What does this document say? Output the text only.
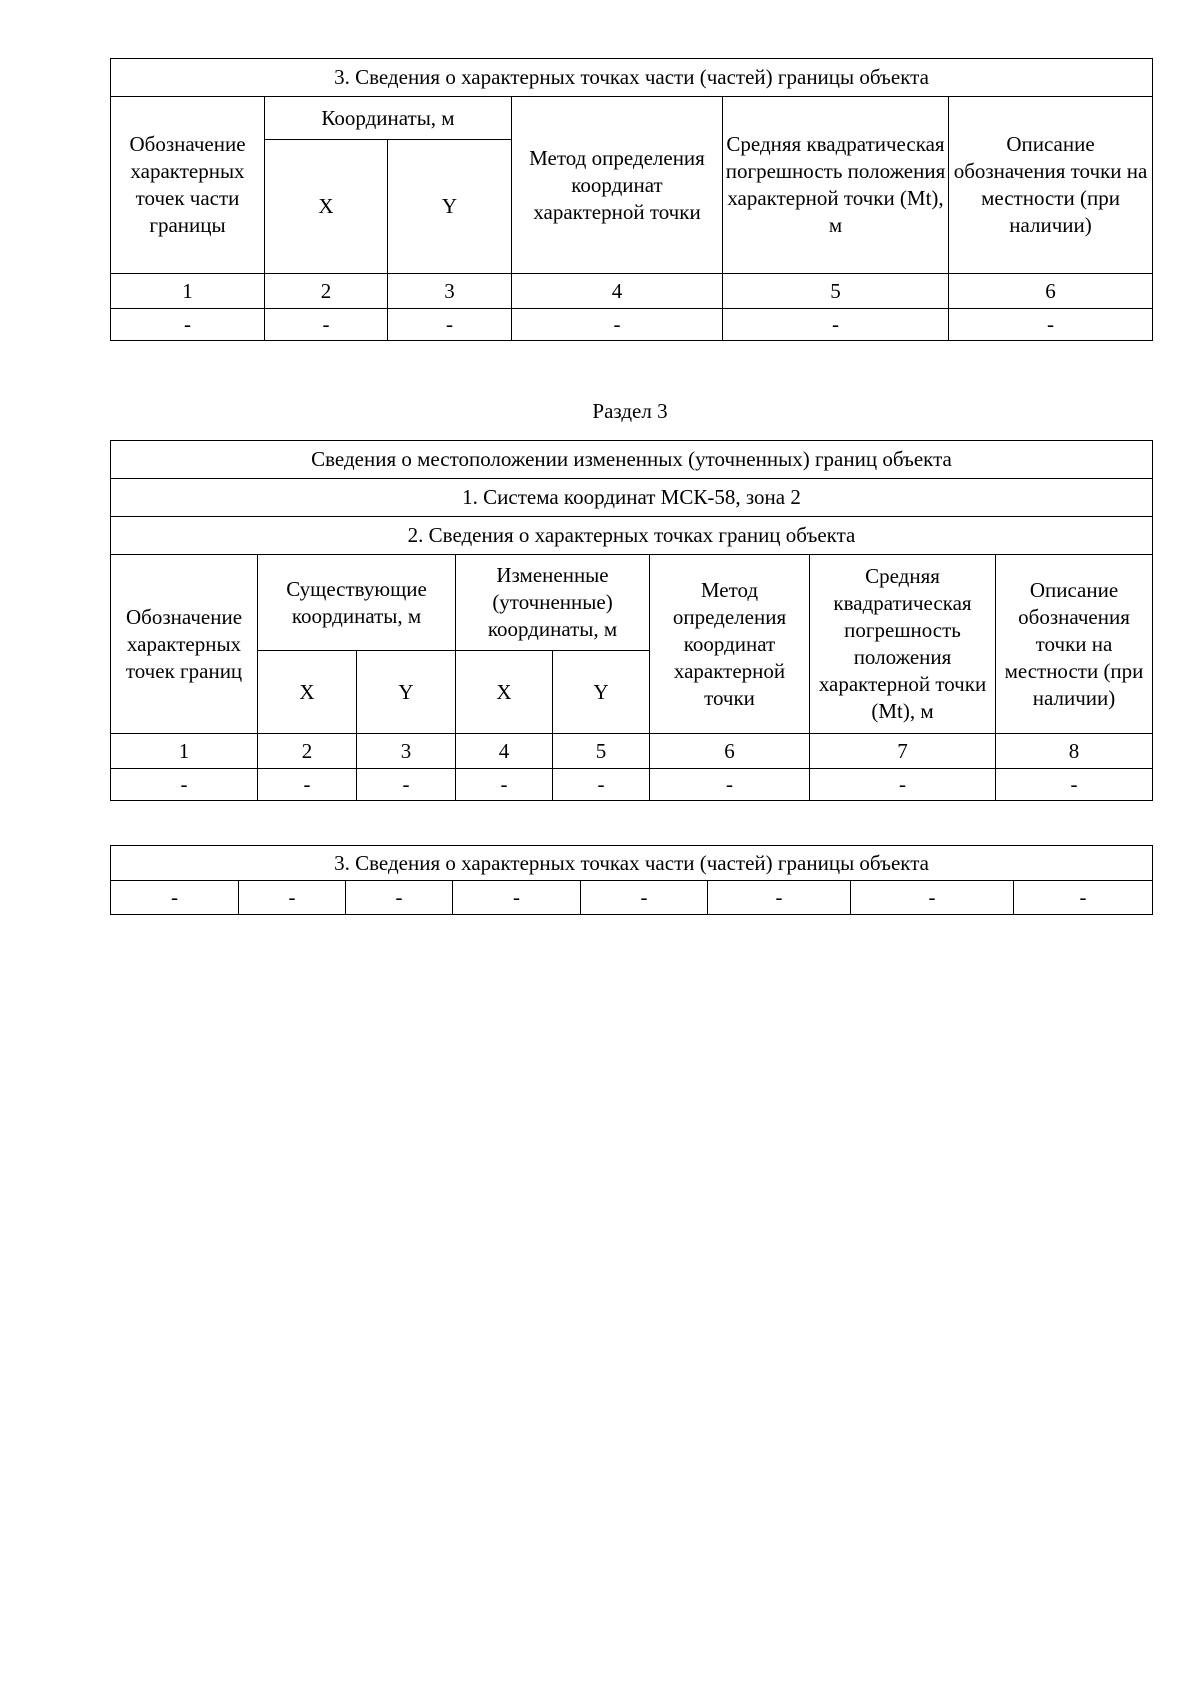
3. Сведения о характерных точках части (частей) границы объекта					
Обозначение характерных точек части границы	Координаты, м		Метод определения координат характерной точки	Средняя квадратическая погрешность положения характерной точки (Mt), м	Описание обозначения точки на местности (при наличии)
	X	Y			
1	2	3	4	5	6
-	-	-	-	-	-
Раздел 3
Сведения о местоположении измененных (уточненных) границ объекта							
1. Система координат МСК-58, зона 2							
2. Сведения о характерных точках границ объекта							
Обозначение характерных точек границ	Существующие координаты, м		Измененные (уточненные) координаты, м		Метод определения координат характерной точки	Средняя квадратическая погрешность положения характерной точки (Mt), м	Описание обозначения точки на местности (при наличии)
	X	Y	X	Y			
1	2	3	4	5	6	7	8
-	-	-	-	-	-	-	-
3. Сведения о характерных точках части (частей) границы объекта
-	-	-	-	-	-	-	-
